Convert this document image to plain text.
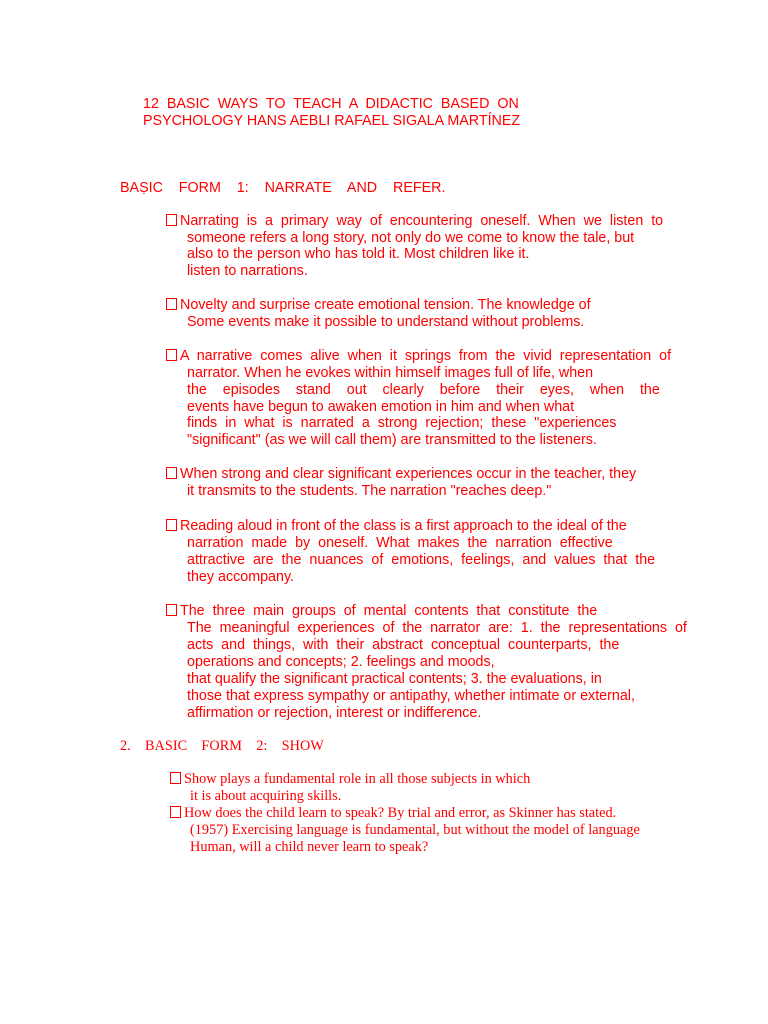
12  BASIC  WAYS  TO  TEACH  A  DIDACTIC  BASED  ON
PSYCHOLOGY HANS AEBLI RAFAEL SIGALA MARTÍNEZ
BAṢIC    FORM    1:    NARRATE    AND    REFER.
Narrating  is  a  primary  way  of  encountering  oneself.  When  we  listen  to
someone refers a long story, not only do we come to know the tale, but
also to the person who has told it. Most children like it.
listen to narrations.
Novelty and surprise create emotional tension. The knowledge of
Some events make it possible to understand without problems.
A  narrative  comes  alive  when  it  springs  from  the  vivid  representation  of
narrator. When he evokes within himself images full of life, when
the    episodes    stand    out    clearly    before    their    eyes,    when    the
events have begun to awaken emotion in him and when what
finds  in  what  is  narrated  a  strong  rejection;  these  "experiences
"significant" (as we will call them) are transmitted to the listeners.
When strong and clear significant experiences occur in the teacher, they
it transmits to the students. The narration "reaches deep."
Reading aloud in front of the class is a first approach to the ideal of the
narration  made  by  oneself.  What  makes  the  narration  effective
attractive  are  the  nuances  of  emotions,  feelings,  and  values  that  the
they accompany.
The  three  main  groups  of  mental  contents  that  constitute  the
The  meaningful  experiences  of  the  narrator  are:  1.  the  representations  of
acts  and  things,  with  their  abstract  conceptual  counterparts,  the
operations and concepts; 2. feelings and moods,
that qualify the significant practical contents; 3. the evaluations, in
those that express sympathy or antipathy, whether intimate or external,
affirmation or rejection, interest or indifference.
2.    BASIC    FORM    2:    SHOW
Show plays a fundamental role in all those subjects in which
it is about acquiring skills.
How does the child learn to speak? By trial and error, as Skinner has stated.
(1957) Exercising language is fundamental, but without the model of language
Human, will a child never learn to speak?
